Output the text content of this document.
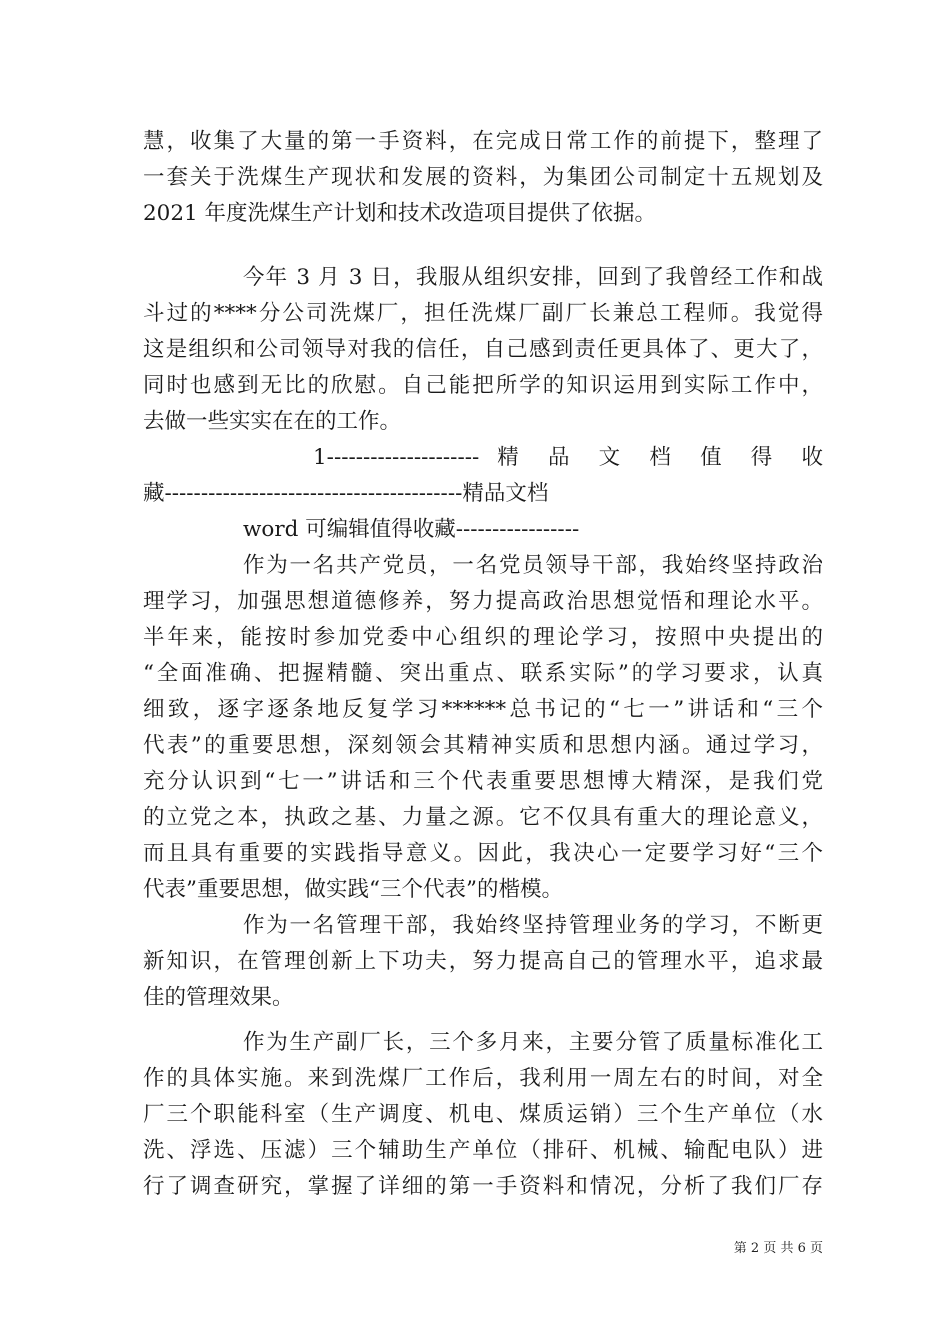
慧，收集了大量的第一手资料，在完成日常工作的前提下，整理了
一套关于洗煤生产现状和发展的资料，为集团公司制定十五规划及
2021 年度洗煤生产计划和技术改造项目提供了依据。
今年 3 月 3 日，我服从组织安排，回到了我曾经工作和战
斗过的****分公司洗煤厂，担任洗煤厂副厂长兼总工程师。我觉得
这是组织和公司领导对我的信任，自己感到责任更具体了、更大了，
同时也感到无比的欣慰。自己能把所学的知识运用到实际工作中，
去做一些实实在在的工作。
1--------------------- 精 品 文 档 值 得 收
藏-----------------------------------------精品文档
word 可编辑值得收藏-----------------
作为一名共产党员，一名党员领导干部，我始终坚持政治
理学习，加强思想道德修养，努力提高政治思想觉悟和理论水平。
半年来，能按时参加党委中心组织的理论学习，按照中央提出的
“全面准确、把握精髓、突出重点、联系实际”的学习要求，认真
细致，逐字逐条地反复学习******总书记的“七一”讲话和“三个
代表”的重要思想，深刻领会其精神实质和思想内涵。通过学习，
充分认识到“七一”讲话和三个代表重要思想博大精深，是我们党
的立党之本，执政之基、力量之源。它不仅具有重大的理论意义，
而且具有重要的实践指导意义。因此，我决心一定要学习好“三个
代表”重要思想，做实践“三个代表”的楷模。
作为一名管理干部，我始终坚持管理业务的学习，不断更
新知识，在管理创新上下功夫，努力提高自己的管理水平，追求最
佳的管理效果。
作为生产副厂长，三个多月来，主要分管了质量标准化工
作的具体实施。来到洗煤厂工作后，我利用一周左右的时间，对全
厂三个职能科室（生产调度、机电、煤质运销）三个生产单位（水
洗、浮选、压滤）三个辅助生产单位（排矸、机械、输配电队）进
行了调查研究，掌握了详细的第一手资料和情况，分析了我们厂存
第 2 页 共 6 页
